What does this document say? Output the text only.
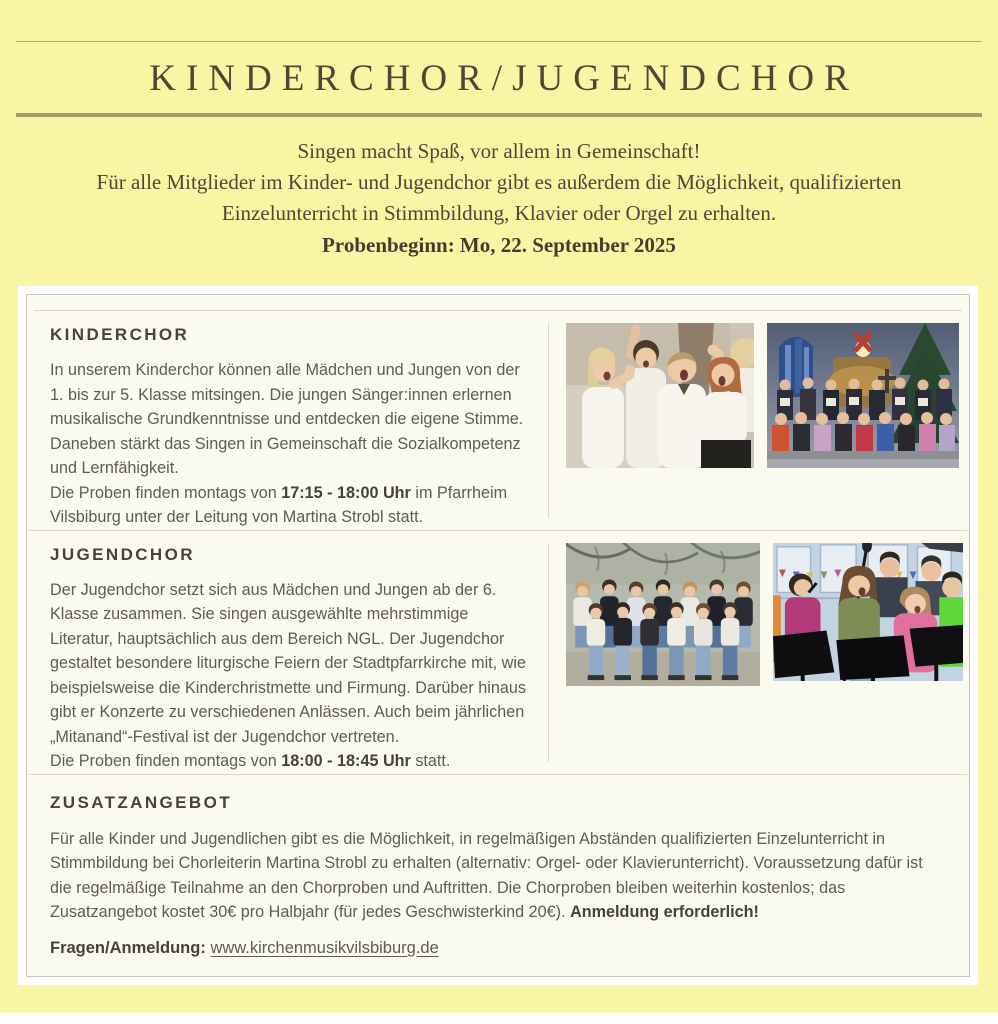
KINDERCHOR/JUGENDCHOR
Singen macht Spaß, vor allem in Gemeinschaft!
Für alle Mitglieder im Kinder- und Jugendchor gibt es außerdem die Möglichkeit, qualifizierten
Einzelunterricht in Stimmbildung, Klavier oder Orgel zu erhalten.
Probenbeginn: Mo, 22. September 2025
KINDERCHOR

In unserem Kinderchor können alle Mädchen und Jungen von der 1. bis zur 5. Klasse mitsingen. Die jungen Sänger:innen erlernen musikalische Grundkenntnisse und entdecken die eigene Stimme. Daneben stärkt das Singen in Gemeinschaft die Sozialkompetenz und Lernfähigkeit.

Die Proben finden montags von 17:15 - 18:00 Uhr im Pfarrheim Vilsbiburg unter der Leitung von Martina Strobl statt.

JUGENDCHOR

Der Jugendchor setzt sich aus Mädchen und Jungen ab der 6. Klasse zusammen. Sie singen ausgewählte mehrstimmige Literatur, hauptsächlich aus dem Bereich NGL. Der Jugendchor gestaltet besondere liturgische Feiern der Stadtpfarrkirche mit, wie beispielsweise die Kinderchristmette und Firmung. Darüber hinaus gibt er Konzerte zu verschiedenen Anlässen. Auch beim jährlichen „Mitanand“-Festival ist der Jugendchor vertreten.

Die Proben finden montags von 18:00 - 18:45 Uhr statt.

ZUSATZANGEBOT

Für alle Kinder und Jugendlichen gibt es die Möglichkeit, in regelmäßigen Abständen qualifizierten Einzelunterricht in Stimmbildung bei Chorleiterin Martina Strobl zu erhalten (alternativ: Orgel- oder Klavierunterricht). Voraussetzung dafür ist die regelmäßige Teilnahme an den Chorproben und Auftritten. Die Chorproben bleiben weiterhin kostenlos; das Zusatzangebot kostet 30€ pro Halbjahr (für jedes Geschwisterkind 20€). Anmeldung erforderlich!

Fragen/Anmeldung: www.kirchenmusikvilsbiburg.de
